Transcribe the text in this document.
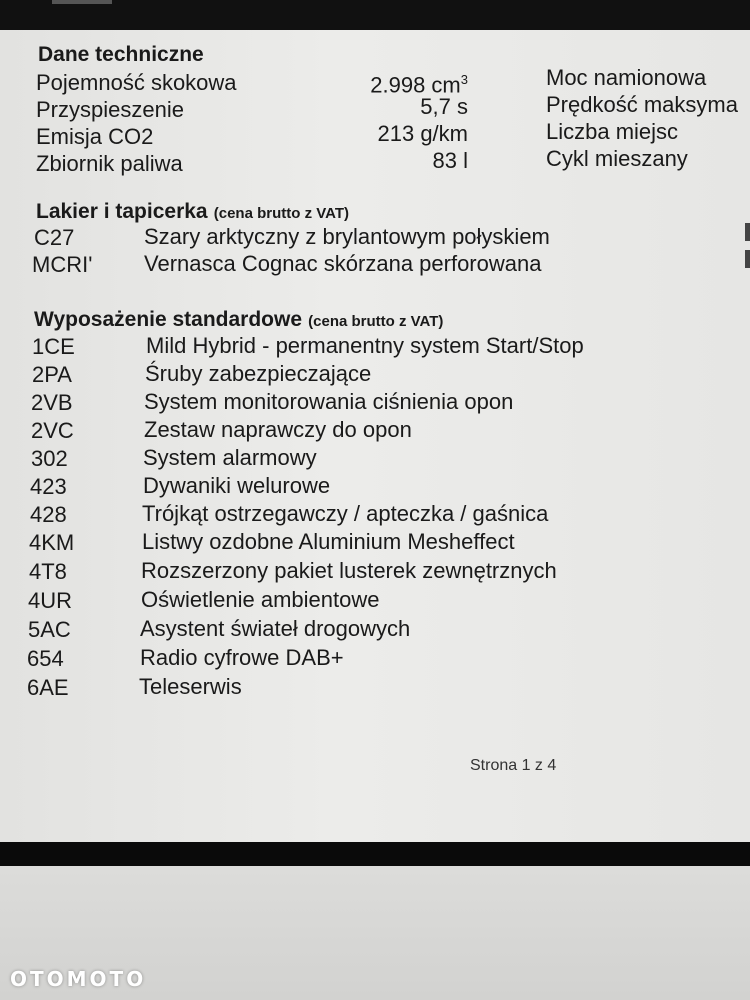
Dane techniczne
Pojemność skokowa	2.998 $cm^3$	Moc namionowa
Przyspieszenie	5,7 s	Prędkość maksyma
Emisja CO2	213 g/km	Liczba miejsc
Zbiornik paliwa	83 l	Cykl mieszany
Lakier i tapicerka (cena brutto z VAT)
C27	Szary arktyczny z brylantowym połyskiem
MCRI' Vernasca Cognac skórzana perforowana
Wyposażenie standardowe (cena brutto z VAT)
1CE	Mild Hybrid - permanentny system Start/Stop
2PA	Śruby zabezpieczające
2VB	System monitorowania ciśnienia opon
2VC	Zestaw naprawczy do opon
302	System alarmowy
423	Dywaniki welurowe
428	Trójkąt ostrzegawczy / apteczka / gaśnica
4KM	Listwy ozdobne Aluminium Mesheffect
4T8	Rozszerzony pakiet lusterek zewnętrznych
4UR	Oświetlenie ambientowe
5AC	Asystent świateł drogowych
654	Radio cyfrowe DAB+
6AE	Teleserwis
Strona 1 z 4
OTOMOTO
